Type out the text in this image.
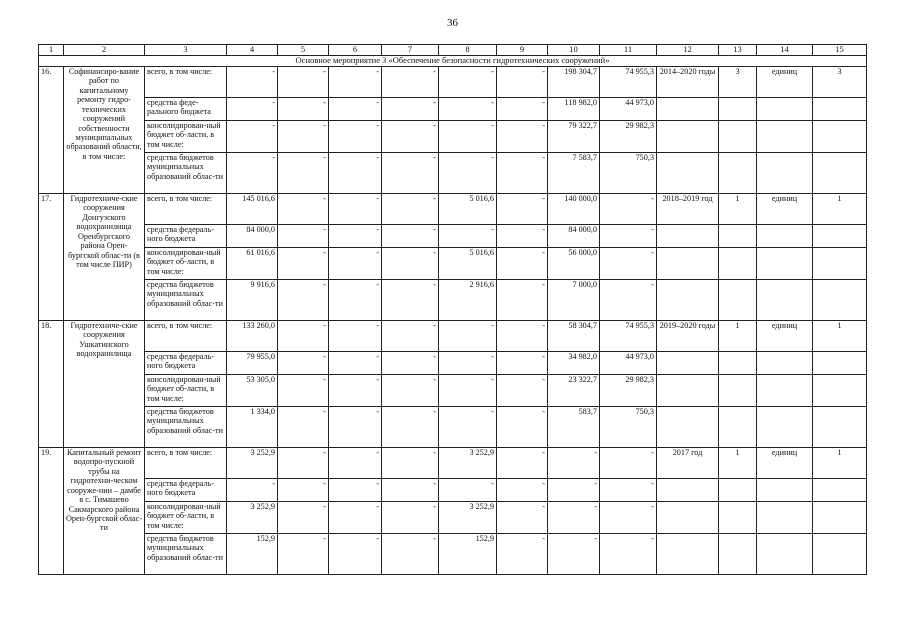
36
1	2	3	4	5	6	7	8	9	10	11	12	13	14	15
Основное мероприятие 3 «Обеспечение безопасности гидротехнических сооружений»														
16.	Софинансиро-вание работ по капитальному ремонту гидро-технических сооружений собственности муниципальных образований области, в том числе:	всего, в том числе:	-	-	-	-	-	-	198 304,7	74 955,3	2014–2020 годы	3	единиц	3
		средства феде-рального бюджета	-	-	-	-	-	-	118 982,0	44 973,0				
		консолидирован-ный бюджет об-ласти, в том числе:	-	-	-	-	-	-	79 322,7	29 982,3				
		средства бюджетов муниципальных образований облас-ти	-	-	-	-	-	-	7 583,7	750,3				
17.	Гидротехниче-ские сооружения Донгузского водохранилища Оренбургского района Орен-бургской облас-ти (в том числе ПИР)	всего, в том числе:	145 016,6	-	-	-	5 016,6	-	140 000,0	-	2018–2019 год	1	единиц	1
		средства федераль-ного бюджета	84 000,0	-	-	-	-	-	84 000,0	-				
		консолидирован-ный бюджет об-ласти, в том числе:	61 016,6	-	-	-	5 016,6	-	56 000,0	-				
		средства бюджетов муниципальных образований облас-ти	9 916,6	-	-	-	2 916,6	-	7 000,0	-				
18.	Гидротехниче-ские сооружения Ушкатинского водохранилища	всего, в том числе:	133 260,0	-	-	-	-	-	58 304,7	74 955,3	2019–2020 годы	1	единиц	1
		средства федераль-ного бюджета	79 955,0	-	-	-	-	-	34 982,0	44 973,0				
		консолидирован-ный бюджет об-ласти, в том числе:	53 305,0	-	-	-	-	-	23 322,7	29 982,3				
		средства бюджетов муниципальных образований облас-ти	1 334,0	-	-	-	-	-	583,7	750,3				
19.	Капитальный ремонт водопро-пускной трубы на гидротехни-ческом сооружe-нии – дамбе в с. Тимашево Сакмарского района Орен-бургской облас-ти	всего, в том числе:	3 252,9	-	-	-	3 252,9	-	-	-	2017 год	1	единиц	1
		средства федераль-ного бюджета	-	-	-	-	-	-	-	-				
		консолидирован-ный бюджет об-ласти, в том числе:	3 252,9	-	-	-	3 252,9	-	-	-				
		средства бюджетов муниципальных образований облас-ти	152,9	-	-	-	152,9	-	-	-				
